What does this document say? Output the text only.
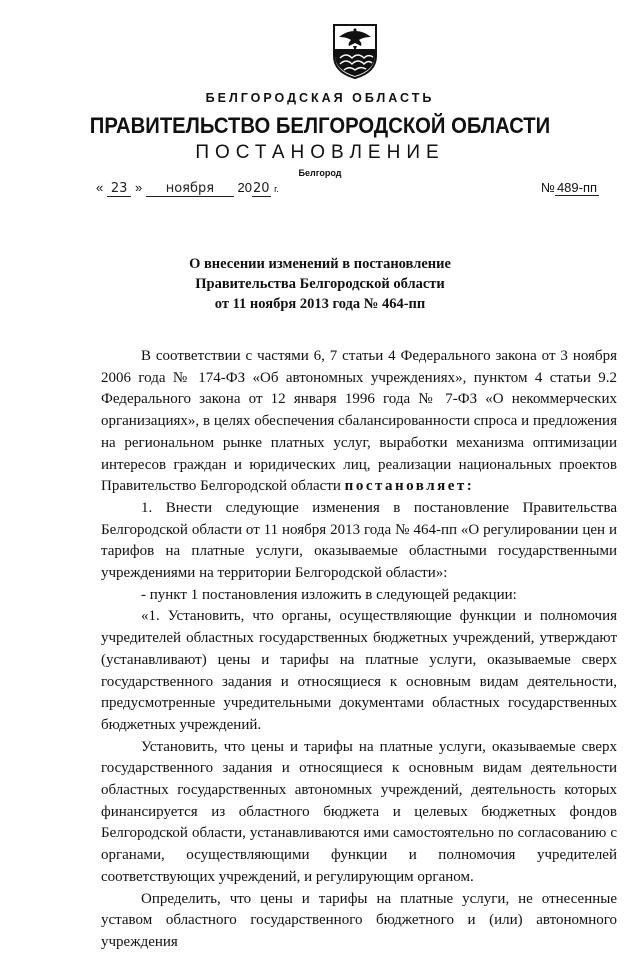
БЕЛГОРОДСКАЯ ОБЛАСТЬ
ПРАВИТЕЛЬСТВО БЕЛГОРОДСКОЙ ОБЛАСТИ
ПОСТАНОВЛЕНИЕ
Белгород
« 23 » ноября 2020 г.	№ 489-пп
О внесении изменений в постановление
Правительства Белгородской области
от 11 ноября 2013 года № 464-пп

В соответствии с частями 6, 7 статьи 4 Федерального закона от 3 ноября 2006 года № 174-ФЗ «Об автономных учреждениях», пунктом 4 статьи 9.2 Федерального закона от 12 января 1996 года № 7-ФЗ «О некоммерческих организациях», в целях обеспечения сбалансированности спроса и предложения на региональном рынке платных услуг, выработки механизма оптимизации интересов граждан и юридических лиц, реализации национальных проектов Правительство Белгородской области постановляет:

1. Внести следующие изменения в постановление Правительства Белгородской области от 11 ноября 2013 года № 464-пп «О регулировании цен и тарифов на платные услуги, оказываемые областными государственными учреждениями на территории Белгородской области»:

- пункт 1 постановления изложить в следующей редакции:

«1. Установить, что органы, осуществляющие функции и полномочия учредителей областных государственных бюджетных учреждений, утверждают (устанавливают) цены и тарифы на платные услуги, оказываемые сверх государственного задания и относящиеся к основным видам деятельности, предусмотренные учредительными документами областных государственных бюджетных учреждений.

Установить, что цены и тарифы на платные услуги, оказываемые сверх государственного задания и относящиеся к основным видам деятельности областных государственных автономных учреждений, деятельность которых финансируется из областного бюджета и целевых бюджетных фондов Белгородской области, устанавливаются ими самостоятельно по согласованию с органами, осуществляющими функции и полномочия учредителей соответствующих учреждений, и регулирующим органом.

Определить, что цены и тарифы на платные услуги, не отнесенные уставом областного государственного бюджетного и (или) автономного учреждения
